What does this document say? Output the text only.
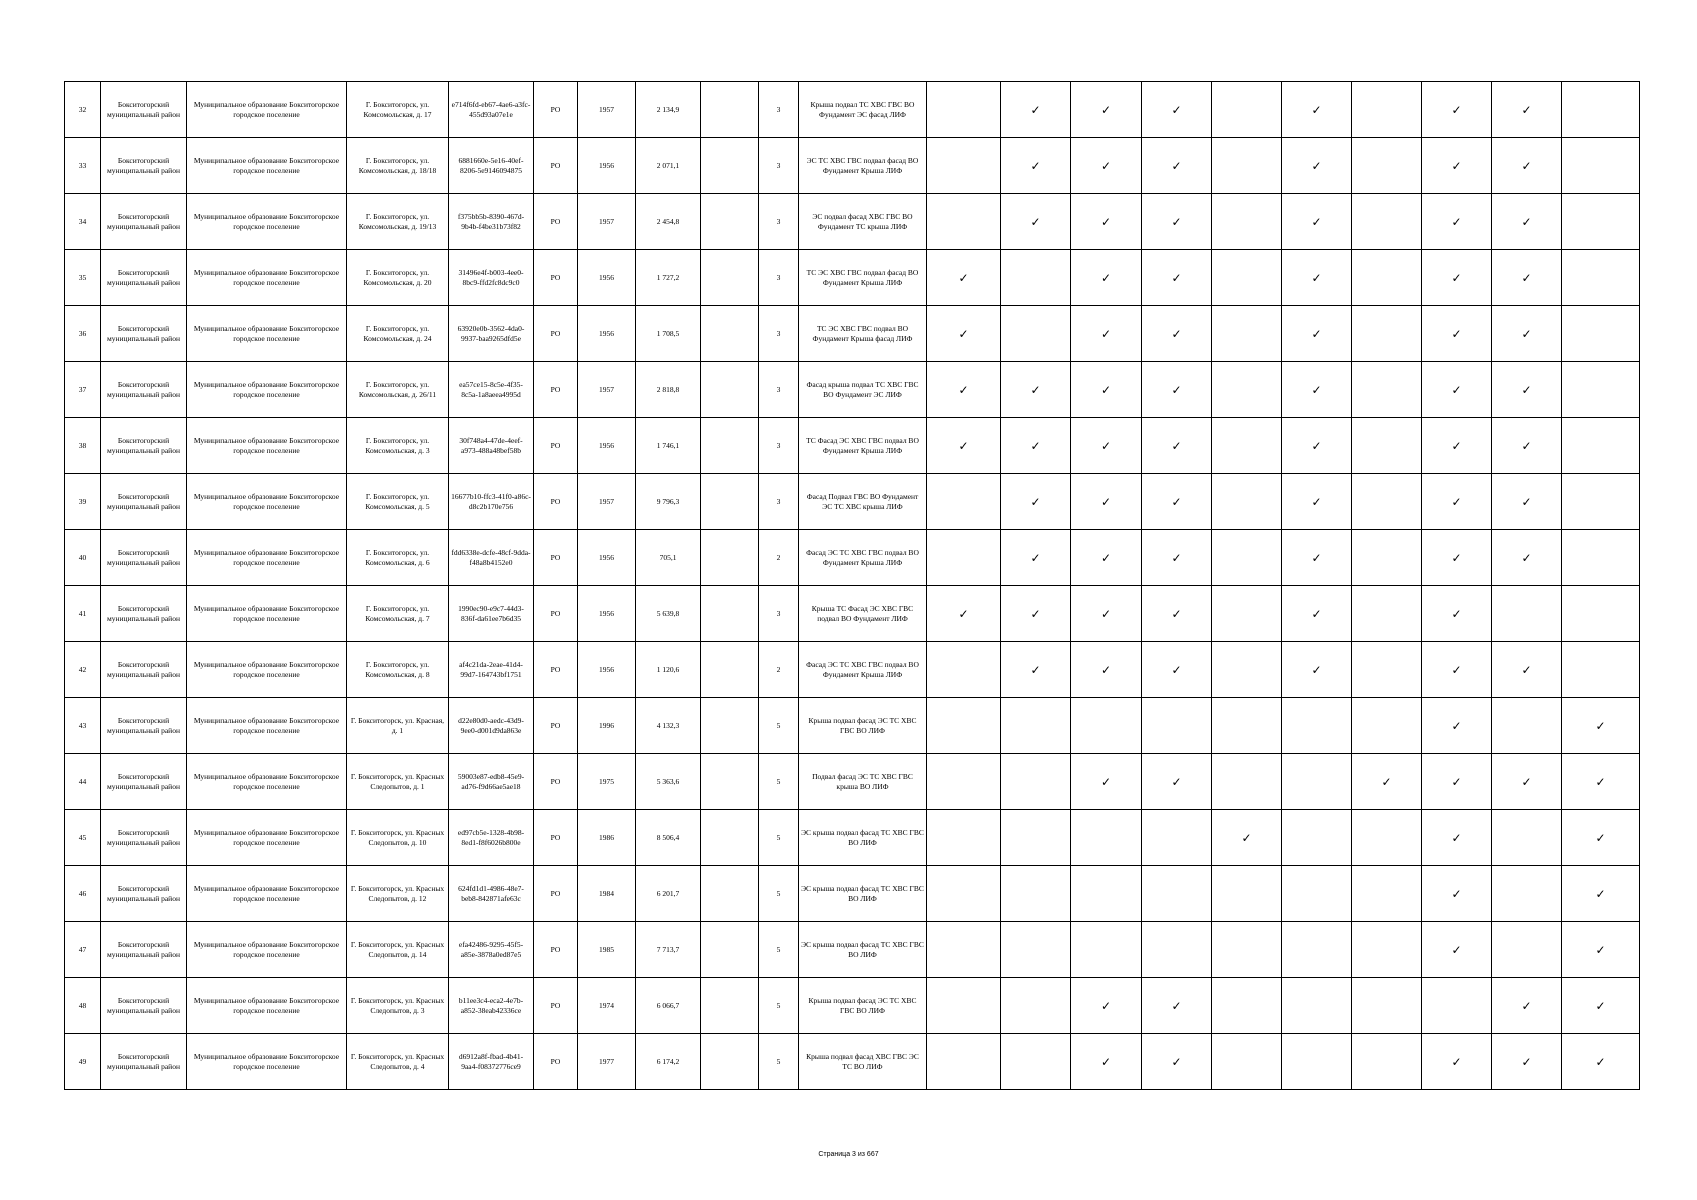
32	Бокситогорский муниципальный район	Муниципальное образование Бокситогорское городское поселение	Г. Бокситогорск, ул. Комсомольская, д. 17	e714f6fd-eb67-4ae6-a3fc-455d93a07e1e	РО	1957	2 134,9		3	Крыша подвал ТС ХВС ГВС ВО Фундамент ЭС фасад ЛИФ		✓	✓	✓		✓		✓	✓	
33	Бокситогорский муниципальный район	Муниципальное образование Бокситогорское городское поселение	Г. Бокситогорск, ул. Комсомольская, д. 18/18	6881660e-5e16-40ef-8206-5e9146094875	РО	1956	2 071,1		3	ЭС ТС ХВС ГВС подвал фасад ВО Фундамент Крыша ЛИФ		✓	✓	✓		✓		✓	✓	
34	Бокситогорский муниципальный район	Муниципальное образование Бокситогорское городское поселение	Г. Бокситогорск, ул. Комсомольская, д. 19/13	f375bb5b-8390-467d-9b4b-f4be31b73f82	РО	1957	2 454,8		3	ЭС подвал фасад ХВС ГВС ВО Фундамент ТС крыша ЛИФ		✓	✓	✓		✓		✓	✓	
35	Бокситогорский муниципальный район	Муниципальное образование Бокситогорское городское поселение	Г. Бокситогорск, ул. Комсомольская, д. 20	31496e4f-b003-4ee0-8bc9-ffd2fc8dc9c0	РО	1956	1 727,2		3	ТС ЭС ХВС ГВС подвал фасад ВО Фундамент Крыша ЛИФ	✓		✓	✓		✓		✓	✓	
36	Бокситогорский муниципальный район	Муниципальное образование Бокситогорское городское поселение	Г. Бокситогорск, ул. Комсомольская, д. 24	63920e0b-3562-4da0-9937-baa9265dfd5e	РО	1956	1 708,5		3	ТС ЭС ХВС ГВС подвал ВО Фундамент Крыша фасад ЛИФ	✓		✓	✓		✓		✓	✓	
37	Бокситогорский муниципальный район	Муниципальное образование Бокситогорское городское поселение	Г. Бокситогорск, ул. Комсомольская, д. 26/11	ea57ce15-8c5e-4f35-8c5a-1a8aeea4995d	РО	1957	2 818,8		3	Фасад крыша подвал ТС ХВС ГВС ВО Фундамент ЭС ЛИФ	✓	✓	✓	✓		✓		✓	✓	
38	Бокситогорский муниципальный район	Муниципальное образование Бокситогорское городское поселение	Г. Бокситогорск, ул. Комсомольская, д. 3	30f748a4-47de-4eef-a973-488a48bef58b	РО	1956	1 746,1		3	ТС Фасад ЭС ХВС ГВС подвал ВО Фундамент Крыша ЛИФ	✓	✓	✓	✓		✓		✓	✓	
39	Бокситогорский муниципальный район	Муниципальное образование Бокситогорское городское поселение	Г. Бокситогорск, ул. Комсомольская, д. 5	16677b10-ffc3-41f0-a86c-d8c2b170e756	РО	1957	9 796,3		3	Фасад Подвал ГВС ВО Фундамент ЭС ТС ХВС крыша ЛИФ		✓	✓	✓		✓		✓	✓	
40	Бокситогорский муниципальный район	Муниципальное образование Бокситогорское городское поселение	Г. Бокситогорск, ул. Комсомольская, д. 6	fdd6338e-dcfe-48cf-9dda-f48a8b4152e0	РО	1956	705,1		2	Фасад ЭС ТС ХВС ГВС подвал ВО Фундамент Крыша ЛИФ		✓	✓	✓		✓		✓	✓	
41	Бокситогорский муниципальный район	Муниципальное образование Бокситогорское городское поселение	Г. Бокситогорск, ул. Комсомольская, д. 7	1990ec90-e9c7-44d3-836f-da61ee7b6d35	РО	1956	5 639,8		3	Крыша ТС Фасад ЭС ХВС ГВС подвал ВО Фундамент ЛИФ	✓	✓	✓	✓		✓		✓		
42	Бокситогорский муниципальный район	Муниципальное образование Бокситогорское городское поселение	Г. Бокситогорск, ул. Комсомольская, д. 8	af4c21da-2eae-41d4-99d7-164743bf1751	РО	1956	1 120,6		2	Фасад ЭС ТС ХВС ГВС подвал ВО Фундамент Крыша ЛИФ		✓	✓	✓		✓		✓	✓	
43	Бокситогорский муниципальный район	Муниципальное образование Бокситогорское городское поселение	Г. Бокситогорск, ул. Красная, д. 1	d22e80d0-aedc-43d9-9ee0-d001d9da863e	РО	1996	4 132,3		5	Крыша подвал фасад ЭС ТС ХВС ГВС ВО ЛИФ								✓		✓
44	Бокситогорский муниципальный район	Муниципальное образование Бокситогорское городское поселение	Г. Бокситогорск, ул. Красных Следопытов, д. 1	59003e87-edb8-45e9-ad76-f9d66ae5ae18	РО	1975	5 363,6		5	Подвал фасад ЭС ТС ХВС ГВС крыша ВО ЛИФ			✓	✓			✓	✓	✓	✓
45	Бокситогорский муниципальный район	Муниципальное образование Бокситогорское городское поселение	Г. Бокситогорск, ул. Красных Следопытов, д. 10	ed97cb5e-1328-4b98-8ed1-f8f6026b800e	РО	1986	8 506,4		5	ЭС крыша подвал фасад ТС ХВС ГВС ВО ЛИФ					✓			✓		✓
46	Бокситогорский муниципальный район	Муниципальное образование Бокситогорское городское поселение	Г. Бокситогорск, ул. Красных Следопытов, д. 12	624fd1d1-4986-48e7-beb8-842871afe63c	РО	1984	6 201,7		5	ЭС крыша подвал фасад ТС ХВС ГВС ВО ЛИФ								✓		✓
47	Бокситогорский муниципальный район	Муниципальное образование Бокситогорское городское поселение	Г. Бокситогорск, ул. Красных Следопытов, д. 14	efa42486-9295-45f5-a85e-3878a0ed87e5	РО	1985	7 713,7		5	ЭС крыша подвал фасад ТС ХВС ГВС ВО ЛИФ								✓		✓
48	Бокситогорский муниципальный район	Муниципальное образование Бокситогорское городское поселение	Г. Бокситогорск, ул. Красных Следопытов, д. 3	b11ee3c4-eca2-4e7b-a852-38eab42336ce	РО	1974	6 066,7		5	Крыша подвал фасад ЭС ТС ХВС ГВС ВО ЛИФ			✓	✓					✓	✓
49	Бокситогорский муниципальный район	Муниципальное образование Бокситогорское городское поселение	Г. Бокситогорск, ул. Красных Следопытов, д. 4	d6912a8f-fbad-4b41-9aa4-f08372776ce9	РО	1977	6 174,2		5	Крыша подвал фасад ХВС ГВС ЭС ТС ВО ЛИФ			✓	✓				✓	✓	✓
Страница 3 из 667
